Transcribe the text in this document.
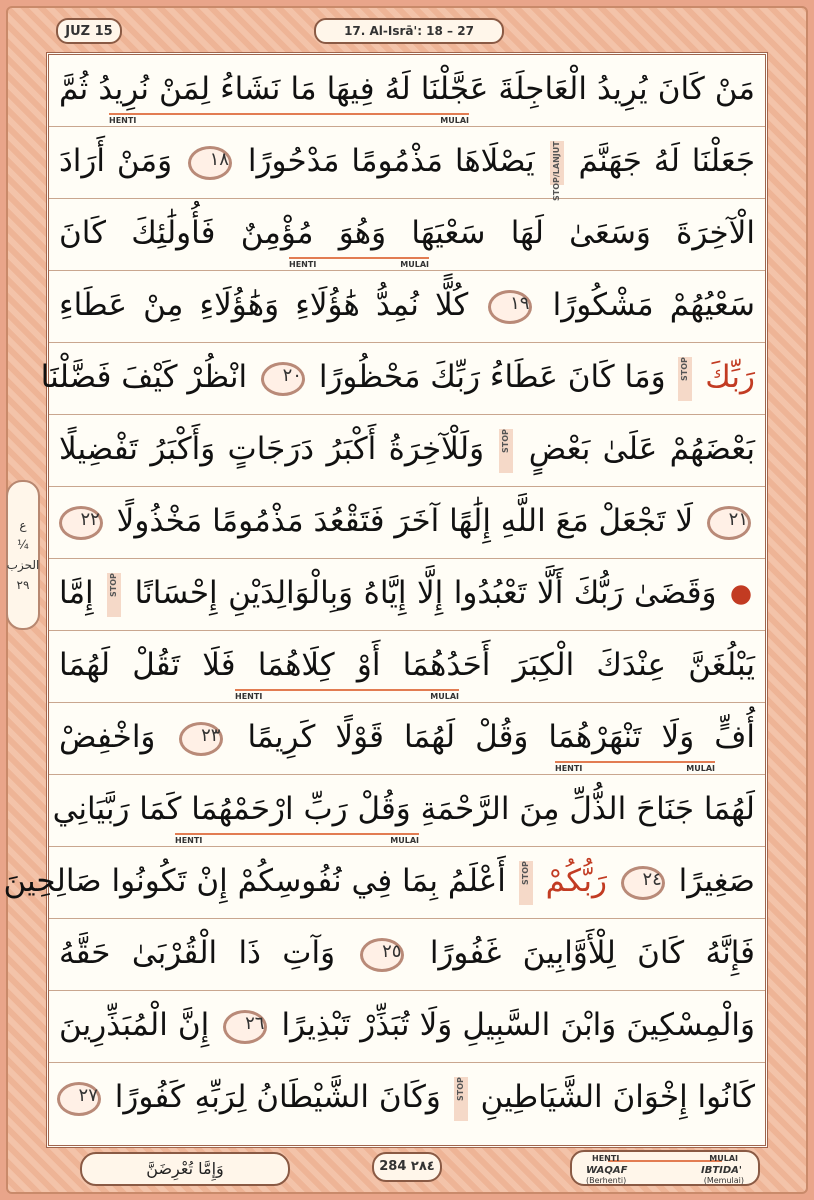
JUZ 15	17. Al-Isrā': 18 – 27
ع
¼
الحزب
٢٩
مَنْ كَانَ يُرِيدُ الْعَاجِلَةَ عَجَّلْنَا لَهُ فِيهَا مَا نَشَاءُ لِمَنْ نُرِيدُ ثُمَّ
HENTI	MULAI
جَعَلْنَا لَهُ جَهَنَّمَ STOP/LANJUT يَصْلَاهَا مَذْمُومًا مَدْحُورًا ١٨ وَمَنْ أَرَادَ
الْآخِرَةَ وَسَعَىٰ لَهَا سَعْيَهَا وَهُوَ مُؤْمِنٌ فَأُولَٰئِكَ كَانَ
HENTI	MULAI
سَعْيُهُمْ مَشْكُورًا ١٩ كُلًّا نُمِدُّ هَٰؤُلَاءِ وَهَٰؤُلَاءِ مِنْ عَطَاءِ
رَبِّكَ STOP وَمَا كَانَ عَطَاءُ رَبِّكَ مَحْظُورًا ٢٠ انْظُرْ كَيْفَ فَضَّلْنَا
بَعْضَهُمْ عَلَىٰ بَعْضٍ STOP وَلَلْآخِرَةُ أَكْبَرُ دَرَجَاتٍ وَأَكْبَرُ تَفْضِيلًا
٢١ لَا تَجْعَلْ مَعَ اللَّهِ إِلَٰهًا آخَرَ فَتَقْعُدَ مَذْمُومًا مَخْذُولًا ٢٢
وَقَضَىٰ رَبُّكَ أَلَّا تَعْبُدُوا إِلَّا إِيَّاهُ وَبِالْوَالِدَيْنِ إِحْسَانًا STOP إِمَّا
يَبْلُغَنَّ عِنْدَكَ الْكِبَرَ أَحَدُهُمَا أَوْ كِلَاهُمَا فَلَا تَقُلْ لَهُمَا
HENTI	MULAI
أُفٍّ وَلَا تَنْهَرْهُمَا وَقُلْ لَهُمَا قَوْلًا كَرِيمًا ٢٣ وَاخْفِضْ
HENTI	MULAI
لَهُمَا جَنَاحَ الذُّلِّ مِنَ الرَّحْمَةِ وَقُلْ رَبِّ ارْحَمْهُمَا كَمَا رَبَّيَانِي
HENTI	MULAI
صَغِيرًا ٢٤ رَبُّكُمْ STOP أَعْلَمُ بِمَا فِي نُفُوسِكُمْ إِنْ تَكُونُوا صَالِحِينَ
فَإِنَّهُ كَانَ لِلْأَوَّابِينَ غَفُورًا ٢٥ وَآتِ ذَا الْقُرْبَىٰ حَقَّهُ
وَالْمِسْكِينَ وَابْنَ السَّبِيلِ وَلَا تُبَذِّرْ تَبْذِيرًا ٢٦ إِنَّ الْمُبَذِّرِينَ
كَانُوا إِخْوَانَ الشَّيَاطِينِ STOP وَكَانَ الشَّيْطَانُ لِرَبِّهِ كَفُورًا ٢٧
وَإِمَّا تُعْرِضَنَّ	284 ٢٨٤
HENTI	MULAI
WAQAF	IBTIDA'
(Berhenti)	(Memulai)
